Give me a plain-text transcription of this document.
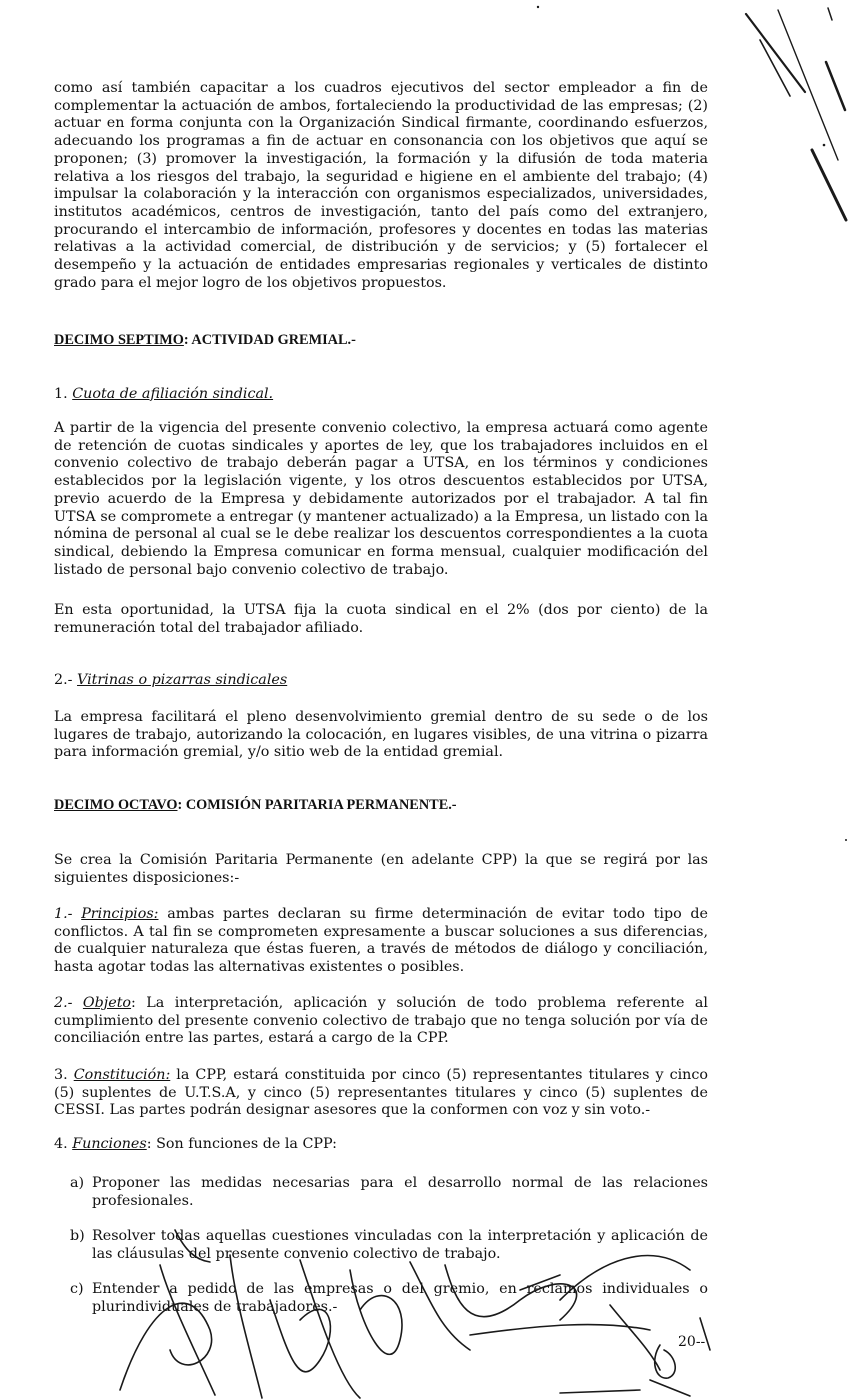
como así también capacitar a los cuadros ejecutivos del sector empleador a fin de complementar la actuación de ambos, fortaleciendo la productividad de las empresas; (2) actuar en forma conjunta con la Organización Sindical firmante, coordinando esfuerzos, adecuando los programas a fin de actuar en consonancia con los objetivos que aquí se proponen; (3) promover la investigación, la formación y la difusión de toda materia relativa a los riesgos del trabajo, la seguridad e higiene en el ambiente del trabajo; (4) impulsar la colaboración y la interacción con organismos especializados, universidades, institutos académicos, centros de investigación, tanto del país como del extranjero, procurando el intercambio de información, profesores y docentes en todas las materias relativas a la actividad comercial, de distribución y de servicios; y (5) fortalecer el desempeño y la actuación de entidades empresarias regionales y verticales de distinto grado para el mejor logro de los objetivos propuestos.

DECIMO SEPTIMO: ACTIVIDAD GREMIAL.-

1. Cuota de afiliación sindical.

A partir de la vigencia del presente convenio colectivo, la empresa actuará como agente de retención de cuotas sindicales y aportes de ley, que los trabajadores incluidos en el convenio colectivo de trabajo deberán pagar a UTSA, en los términos y condiciones establecidos por la legislación vigente, y los otros descuentos establecidos por UTSA, previo acuerdo de la Empresa y debidamente autorizados por el trabajador. A tal fin UTSA se compromete a entregar (y mantener actualizado) a la Empresa, un listado con la nómina de personal al cual se le debe realizar los descuentos correspondientes a la cuota sindical, debiendo la Empresa comunicar en forma mensual, cualquier modificación del listado de personal bajo convenio colectivo de trabajo.

En esta oportunidad, la UTSA fija la cuota sindical en el 2% (dos por ciento) de la remuneración total del trabajador afiliado.

2.- Vitrinas o pizarras sindicales

La empresa facilitará el pleno desenvolvimiento gremial dentro de su sede o de los lugares de trabajo, autorizando la colocación, en lugares visibles, de una vitrina o pizarra para información gremial, y/o sitio web de la entidad gremial.

DECIMO OCTAVO: COMISIÓN PARITARIA PERMANENTE.-

Se crea la Comisión Paritaria Permanente (en adelante CPP) la que se regirá por las siguientes disposiciones:-

1.- Principios: ambas partes declaran su firme determinación de evitar todo tipo de conflictos. A tal fin se comprometen expresamente a buscar soluciones a sus diferencias, de cualquier naturaleza que éstas fueren, a través de métodos de diálogo y conciliación, hasta agotar todas las alternativas existentes o posibles.

2.- Objeto: La interpretación, aplicación y solución de todo problema referente al cumplimiento del presente convenio colectivo de trabajo que no tenga solución por vía de conciliación entre las partes, estará a cargo de la CPP.

3. Constitución: la CPP, estará constituida por cinco (5) representantes titulares y cinco (5) suplentes de U.T.S.A, y cinco (5) representantes titulares y cinco (5) suplentes de CESSI. Las partes podrán designar asesores que la conformen con voz y sin voto.-

4. Funciones: Son funciones de la CPP:

a) Proponer las medidas necesarias para el desarrollo normal de las relaciones profesionales.
b) Resolver todas aquellas cuestiones vinculadas con la interpretación y aplicación de las cláusulas del presente convenio colectivo de trabajo.
c) Entender a pedido de las empresas o del gremio, en reclamos individuales o plurindividuales de trabajadores.-
20--
